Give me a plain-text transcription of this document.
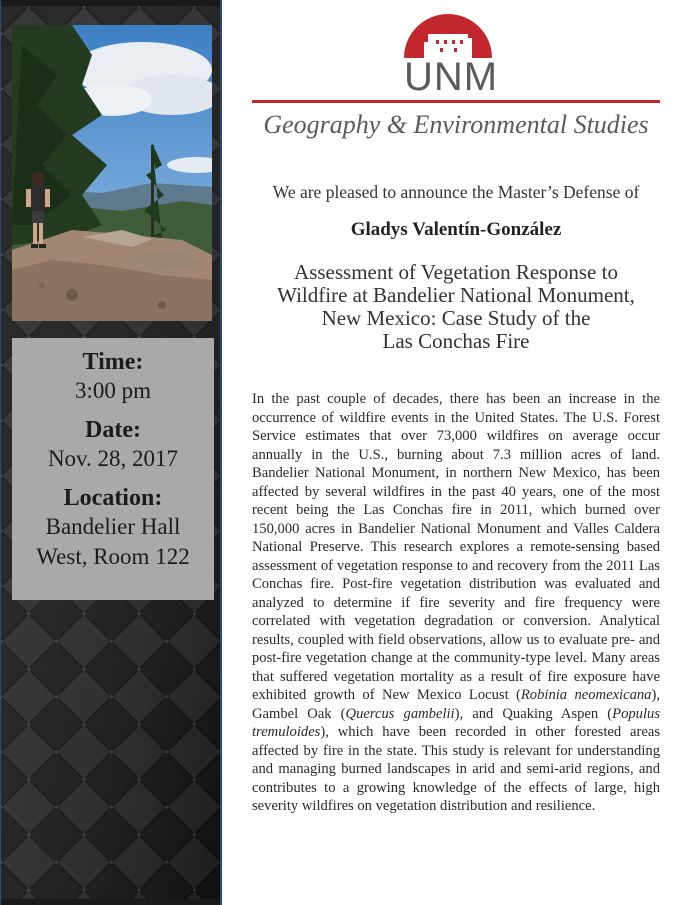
Time:

3:00 pm

Date:

Nov. 28, 2017

Location:

Bandelier Hall

West, Room 122

UNM
Geography & Environmental Studies
We are pleased to announce the Master’s Defense of
Gladys Valentín-González
Assessment of Vegetation Response to
Wildfire at Bandelier National Monument,
New Mexico: Case Study of the
Las Conchas Fire
In the past couple of decades, there has been an increase in the occurrence of wildfire events in the United States. The U.S. Forest Service estimates that over 73,000 wildfires on average occur annually in the U.S., burning about 7.3 million acres of land. Bandelier National Monument, in northern New Mexico, has been affected by several wildfires in the past 40 years, one of the most recent being the Las Conchas fire in 2011, which burned over 150,000 acres in Bandelier National Monument and Valles Caldera National Preserve. This research explores a remote-sensing based assessment of vegetation response to and recovery from the 2011 Las Conchas fire. Post-fire vegetation distribution was evaluated and analyzed to determine if fire severity and fire frequency were correlated with vegetation degradation or conversion. Analytical results, coupled with field observations, allow us to evaluate pre- and post-fire vegetation change at the community-type level. Many areas that suffered vegetation mortality as a result of fire exposure have exhibited growth of New Mexico Locust (Robinia neomexicana), Gambel Oak (Quercus gambelii), and Quaking Aspen (Populus tremuloides), which have been recorded in other forested areas affected by fire in the state. This study is relevant for understanding and managing burned landscapes in arid and semi-arid regions, and contributes to a growing knowledge of the effects of large, high severity wildfires on vegetation distribution and resilience.
